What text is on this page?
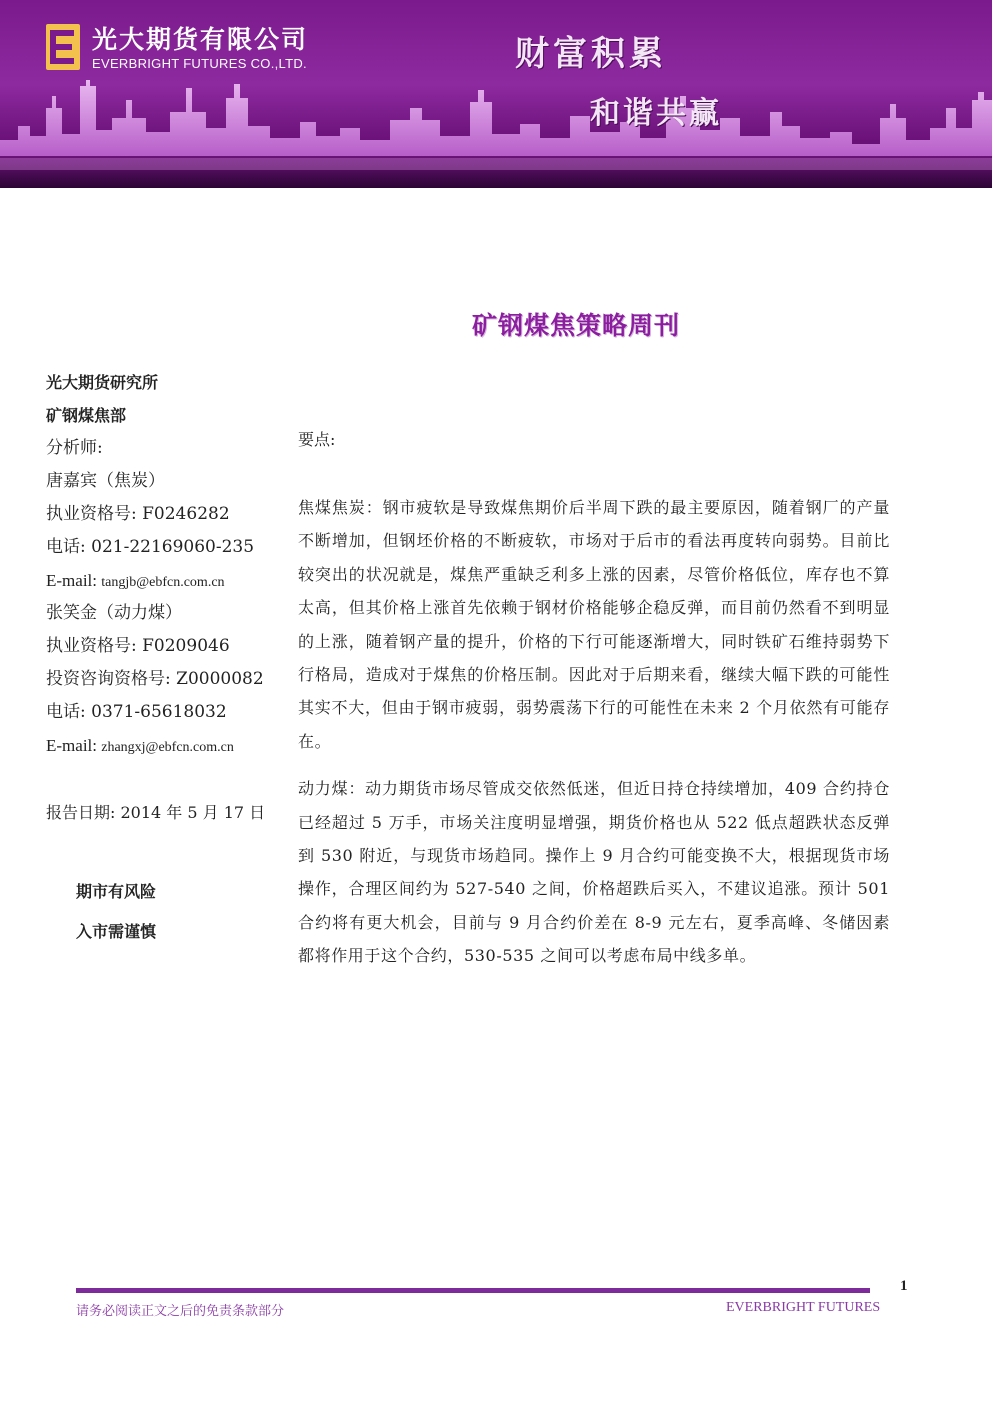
光大期货有限公司
EVERBRIGHT FUTURES CO.,LTD.	财富积累
和谐共赢
矿钢煤焦策略周刊
光大期货研究所
矿钢煤焦部
分析师:
唐嘉宾（焦炭）
执业资格号: F0246282
电话: 021-22169060-235
E-mail: tangjb@ebfcn.com.cn
张笑金（动力煤）
执业资格号: F0209046
投资咨询资格号: Z0000082
电话: 0371-65618032
E-mail: zhangxj@ebfcn.com.cn
报告日期: 2014 年 5 月 17 日
期市有风险
入市需谨慎
要点:

焦煤焦炭：钢市疲软是导致煤焦期价后半周下跌的最主要原因，随着钢厂的产量不断增加，但钢坯价格的不断疲软，市场对于后市的看法再度转向弱势。目前比较突出的状况就是，煤焦严重缺乏利多上涨的因素，尽管价格低位，库存也不算太高，但其价格上涨首先依赖于钢材价格能够企稳反弹，而目前仍然看不到明显的上涨，随着钢产量的提升，价格的下行可能逐渐增大，同时铁矿石维持弱势下行格局，造成对于煤焦的价格压制。因此对于后期来看，继续大幅下跌的可能性其实不大，但由于钢市疲弱，弱势震荡下行的可能性在未来 2 个月依然有可能存在。

动力煤：动力期货市场尽管成交依然低迷，但近日持仓持续增加，409 合约持仓已经超过 5 万手，市场关注度明显增强，期货价格也从 522 低点超跌状态反弹到 530 附近，与现货市场趋同。操作上 9 月合约可能变换不大，根据现货市场操作，合理区间约为 527-540 之间，价格超跌后买入，不建议追涨。预计 501 合约将有更大机会，目前与 9 月合约价差在 8-9 元左右，夏季高峰、冬储因素都将作用于这个合约，530-535 之间可以考虑布局中线多单。

1
请务必阅读正文之后的免责条款部分	EVERBRIGHT FUTURES
